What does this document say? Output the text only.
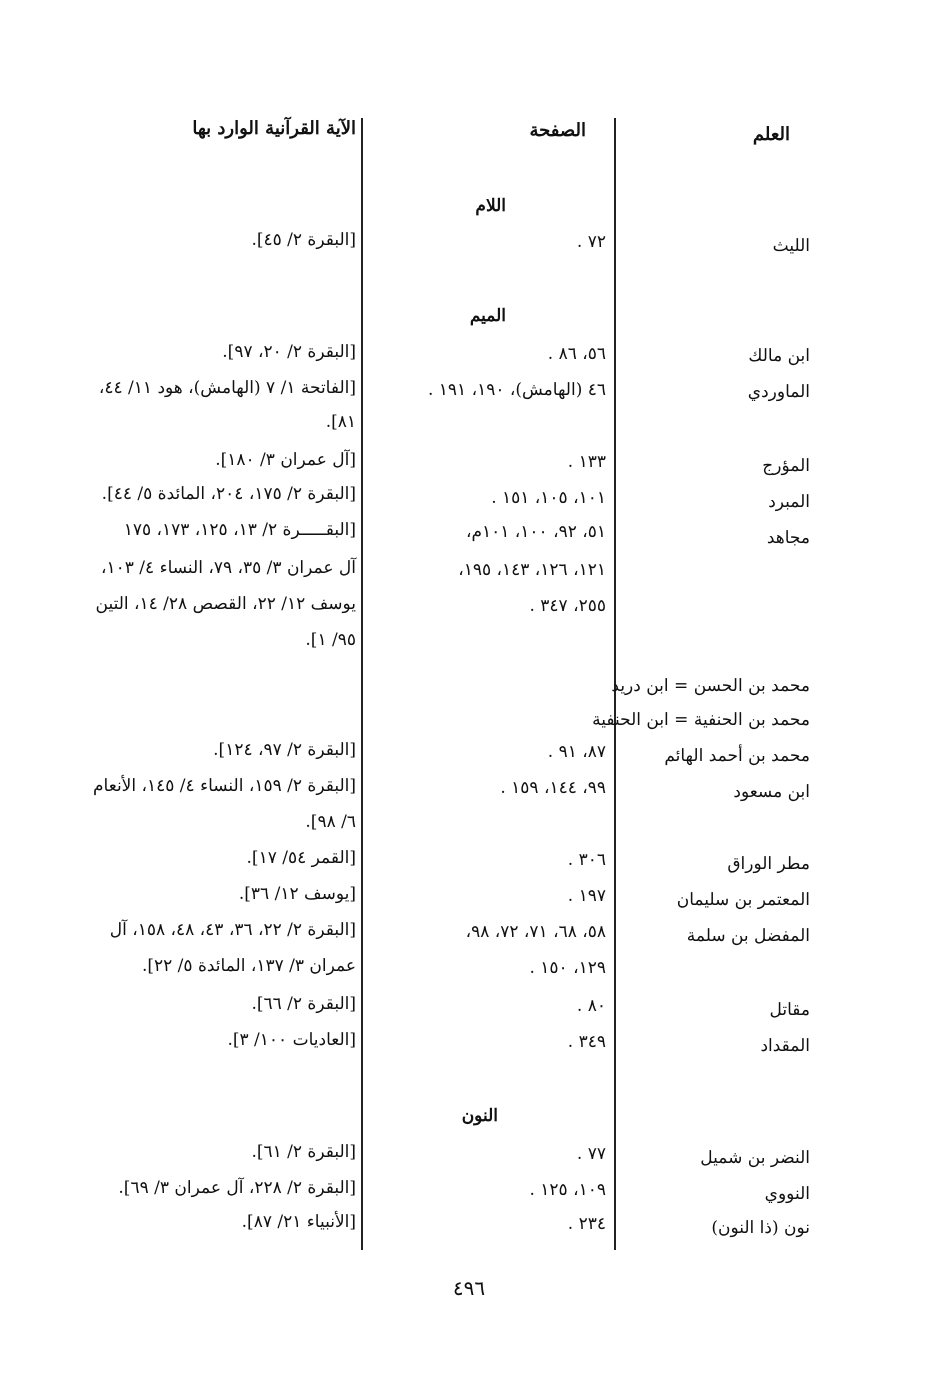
العلم
الصفحة
الآية القرآنية الوارد بها
اللام
الليث
٧٢ .
[البقرة ٢/ ٤٥].
الميم
ابن مالك
٥٦، ٨٦ .
[البقرة ٢/ ٢٠، ٩٧].
الماوردي
٤٦ (الهامش)، ١٩٠، ١٩١ .
[الفاتحة ١/ ٧ (الهامش)، هود ١١/ ٤٤،
٨١].
المؤرج
١٣٣ .
[آل عمران ٣/ ١٨٠].
المبرد
١٠١، ١٠٥، ١٥١ .
[البقرة ٢/ ١٧٥، ٢٠٤، المائدة ٥/ ٤٤].
مجاهد
٥١، ٩٢، ١٠٠، ١٠١م،
[البقـــــرة ٢/ ١٣، ١٢٥، ١٧٣، ١٧٥
١٢١، ١٢٦، ١٤٣، ١٩٥،
آل عمران ٣/ ٣٥، ٧٩، النساء ٤/ ١٠٣،
٢٥٥، ٣٤٧ .
يوسف ١٢/ ٢٢، القصص ٢٨/ ١٤، التين
٩٥/ ١].
محمد بن الحسن = ابن دريد
محمد بن الحنفية = ابن الحنفية
محمد بن أحمد الهائم
٨٧، ٩١ .
[البقرة ٢/ ٩٧، ١٢٤].
ابن مسعود
٩٩، ١٤٤، ١٥٩ .
[البقرة ٢/ ١٥٩، النساء ٤/ ١٤٥، الأنعام
٦/ ٩٨].
مطر الوراق
٣٠٦ .
[القمر ٥٤/ ١٧].
المعتمر بن سليمان
١٩٧ .
[يوسف ١٢/ ٣٦].
المفضل بن سلمة
٥٨، ٦٨، ٧١، ٧٢، ٩٨،
[البقرة ٢/ ٢٢، ٣٦، ٤٣، ٤٨، ١٥٨، آل
١٢٩، ١٥٠ .
عمران ٣/ ١٣٧، المائدة ٥/ ٢٢].
مقاتل
٨٠ .
[البقرة ٢/ ٦٦].
المقداد
٣٤٩ .
[العاديات ١٠٠/ ٣].
النون
النضر بن شميل
٧٧ .
[البقرة ٢/ ٦١].
النووي
١٠٩، ١٢٥ .
[البقرة ٢/ ٢٢٨، آل عمران ٣/ ٦٩].
نون (ذا النون)
٢٣٤ .
[الأنبياء ٢١/ ٨٧].
٤٩٦
